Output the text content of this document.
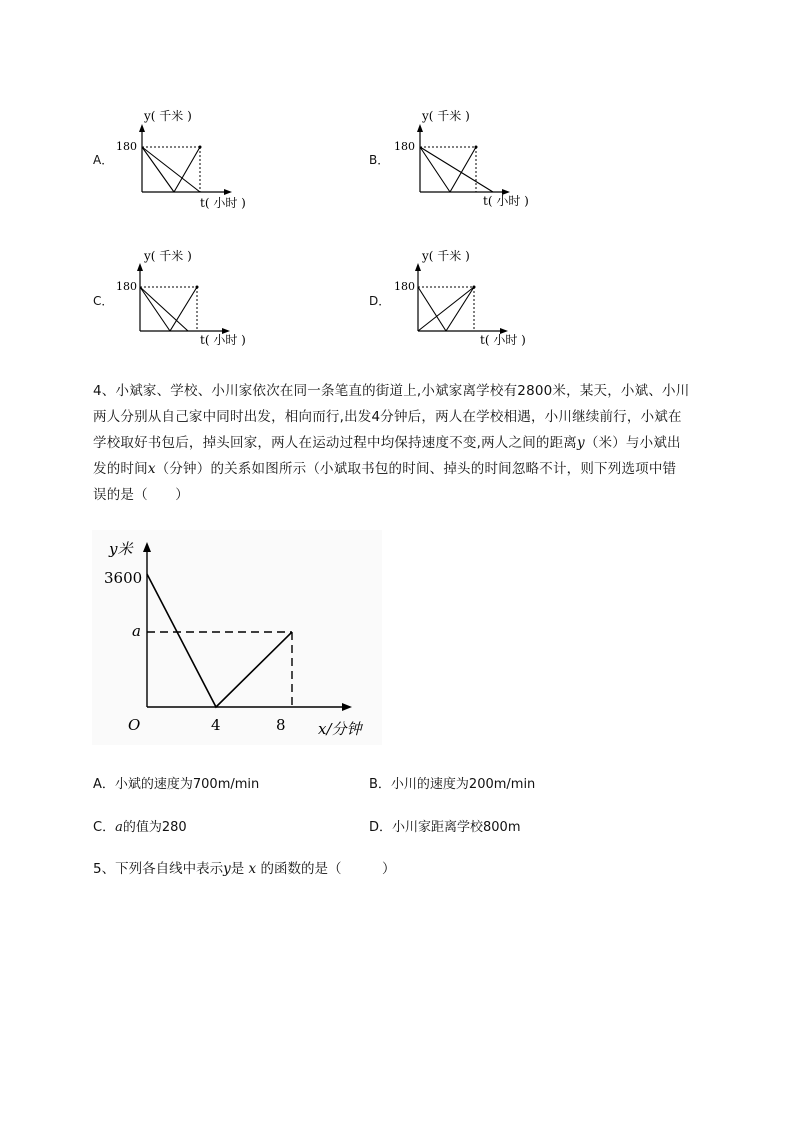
A．
y( 千米 )
180
t( 小时 )
B．
y( 千米 )
180
t( 小时 )
C．
y( 千米 )
180
t( 小时 )
D．
y( 千米 )
180
t( 小时 )
4、小斌家、学校、小川家依次在同一条笔直的街道上,小斌家离学校有2800米，某天，小斌、小川
两人分别从自己家中同时出发，相向而行,出发4分钟后，两人在学校相遇，小川继续前行，小斌在
学校取好书包后，掉头回家，两人在运动过程中均保持速度不变,两人之间的距离y（米）与小斌出
发的时间x（分钟）的关系如图所示（小斌取书包的时间、掉头的时间忽略不计，则下列选项中错
误的是（　　）
y米
3600
a
O	4	8 x/分钟
A．小斌的速度为700m/min	B．小川的速度为200m/min
C．a的值为280	D．小川家距离学校800m
5、下列各自线中表示y是 x 的函数的是（　　　）
